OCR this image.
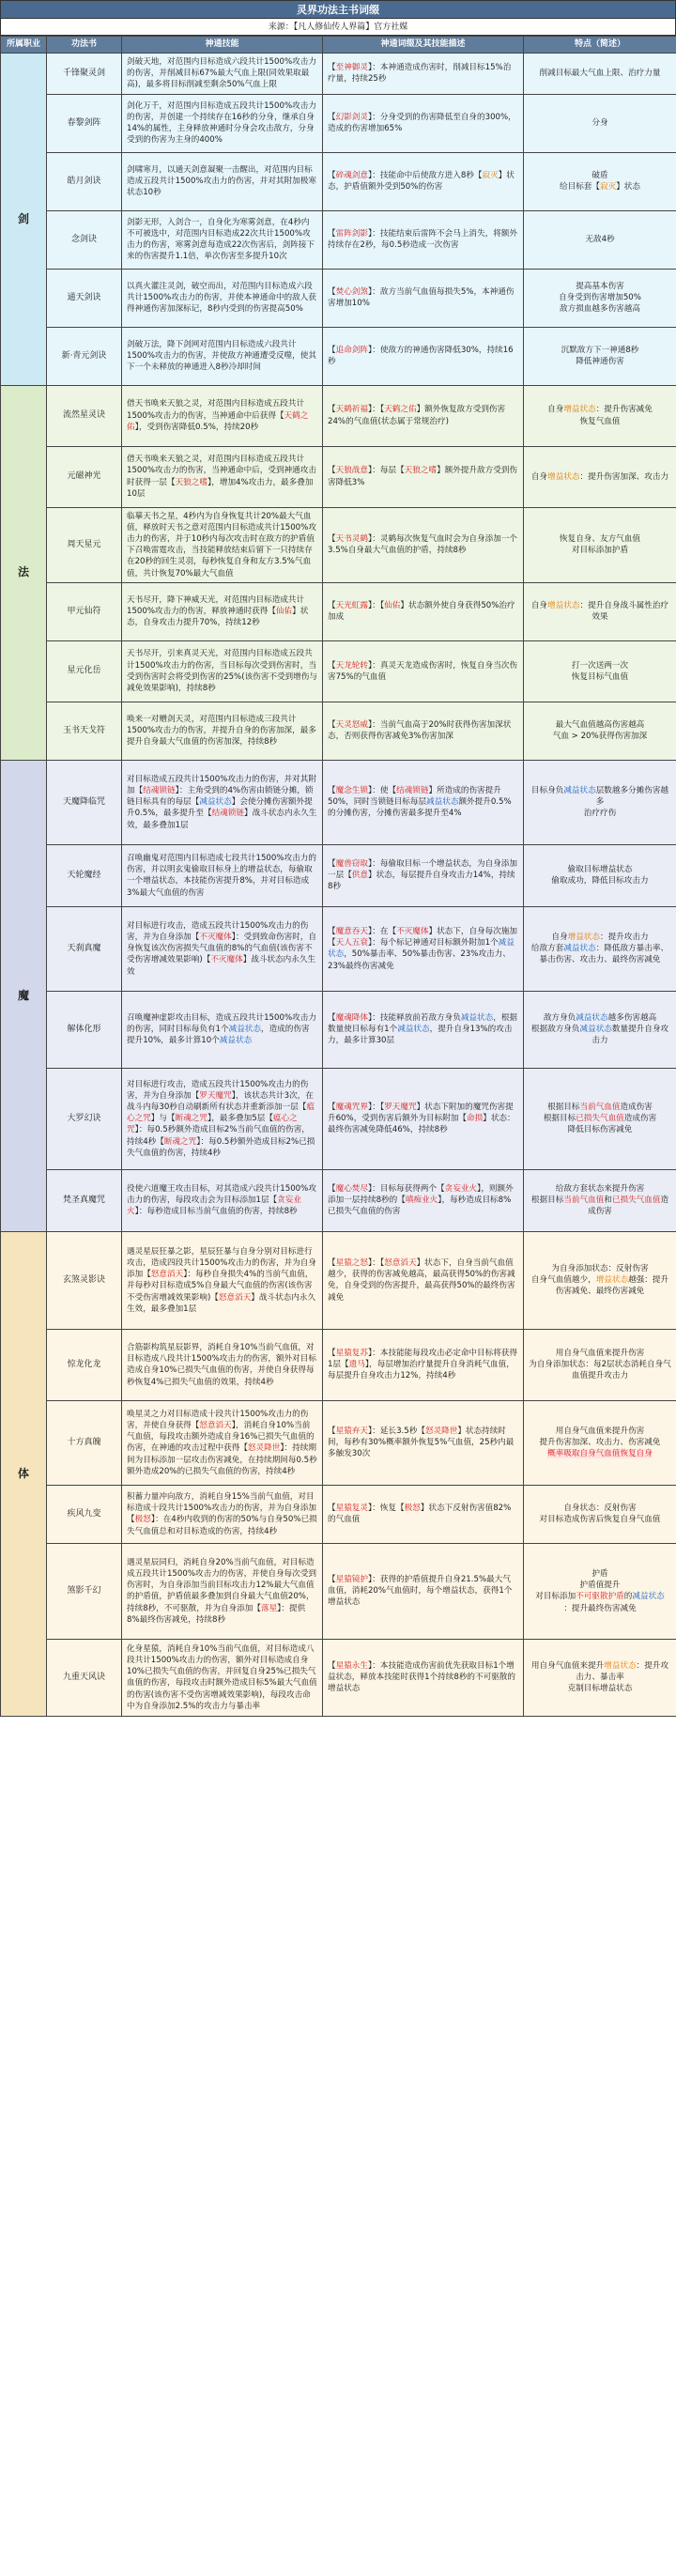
灵界功法主书词缀
来源：【凡人修仙传人界篇】官方社媒
所属职业	功法书	神通技能	神通词缀及其技能描述	特点（简述）
剑	千锋聚灵剑	剑破天地，对范围内目标造成六段共计1500%攻击力的伤害，并削减目标67%最大气血上限(同效果取最高)，最多将目标削减至剩余50%气血上限	【至神御灵】：本神通造成伤害时，削减目标15%治疗量，持续25秒	削减目标最大气血上限、治疗力量
	春黎剑阵	剑化万千，对范围内目标造成五段共计1500%攻击力的伤害，并创建一个持续存在16秒的分身，继承自身14%的属性，主身释放神通时分身会攻击敌方，分身受到的伤害为主身的400%	【幻影剑灵】：分身受到的伤害降低至自身的300%，造成的伤害增加65%	分身
	皓月剑诀	剑啸寒月，以通天剑意凝聚一击醒出，对范围内目标造成五段共计1500%攻击力的伤害，并对其附加极寒状态10秒	【碎魂剑意】：技能命中后使敌方进入8秒【寂灭】状态，护盾值额外受到50%的伤害	破盾
给目标套【寂灭】状态
	念剑诀	剑影无形，入剑合一，自身化为寒雾剑意，在4秒内不可被选中，对范围内目标造成22次共计1500%攻击力的伤害，寒雾剑意每造成22次伤害后，剑阵接下来的伤害提升1.1倍，单次伤害至多提升10次	【雷阵剑影】：技能结束后雷阵不会马上消失，将额外持续存在2秒，每0.5秒造成一次伤害	无敌4秒
	通天剑诀	以真火灌注灵剑，破空而出，对范围内目标造成六段共计1500%攻击力的伤害，并使本神通命中的敌人获得神通伤害加深标记，8秒内受到的伤害提高50%	【焚心剑煞】：敌方当前气血值每损失5%，本神通伤害增加10%	提高基本伤害
自身受到伤害增加50%
敌方损血越多伤害越高
	新·青元剑诀	剑破万法，降下剑网对范围内目标造成六段共计1500%攻击力的伤害，并使敌方神通遭受反噬，使其下一个未释放的神通进入8秒冷却时间	【追命剑阵】：使敌方的神通伤害降低30%，持续16秒	沉默敌方下一神通8秒
降低神通伤害
法	流然星灵诀	借天书唤来天狼之灵，对范围内目标造成五段共计1500%攻击力的伤害，当神通命中后获得【天鹤之佑】，受到伤害降低0.5%，持续20秒	【天鹤祈福】：【天鹤之佑】额外恢复敌方受到伤害24%的气血值(状态属于常规治疗)	自身增益状态：提升伤害减免
恢复气血值
	元磁神光	借天书唤来天狼之灵，对范围内目标造成五段共计1500%攻击力的伤害，当神通命中后，受到神通攻击时获得一层【天狼之嗜】，增加4%攻击力，最多叠加10层	【天狼战意】：每层【天狼之嗜】额外提升敌方受到伤害降低3%	自身增益状态：提升伤害加深、攻击力
	周天星元	临摹天书之星，4秒内为自身恢复共计20%最大气血值，释放时天书之意对范围内目标造成共计1500%攻击力的伤害，并于10秒内每次攻击时在敌方的护盾值下召唤雷霆攻击，当技能释放结束后留下一只持续存在20秒的回生灵羽，每秒恢复自身和友方3.5%气血值，共计恢复70%最大气血值	【天书灵鹤】：灵鹤每次恢复气血时会为自身添加一个3.5%自身最大气血值的护盾，持续8秒	恢复自身、友方气血值
对目标添加护盾
	甲元仙符	天书尽开，降下神威天光，对范围内目标造成共计1500%攻击力的伤害，释放神通时获得【仙佑】状态，自身攻击力提升70%，持续12秒	【天光虹露】：【仙佑】状态额外使自身获得50%治疗加成	自身增益状态：提升自身战斗属性治疗效果
	星元化岳	天书尽开，引来真灵天光，对范围内目标造成五段共计1500%攻击力的伤害，当目标每次受到伤害时，当受到伤害时会将受到伤害的25%(该伤害不受到增伤与减免效果影响)，持续8秒	【天龙轮转】：真灵天龙造成伤害时，恢复自身当次伤害75%的气血值	打一次送两一次
恢复目标气血值
	玉书天戈符	唤来一对赠剑天灵，对范围内目标造成三段共计1500%攻击力的伤害，并提升自身的伤害加深，最多提升自身最大气血值的伤害加深，持续8秒	【天灵怒威】：当前气血高于20%时获得伤害加深状态，否则获得伤害减免3%伤害加深	最大气血值越高伤害越高
气血 > 20%获得伤害加深
魔	天魔降临咒	对目标造成五段共计1500%攻击力的伤害，并对其附加【结魂锁链】：主角受到的4%伤害由锁链分摊，锁链目标具有的每层【减益状态】会使分摊伤害额外提升0.5%，最多提升至【结魂锁链】战斗状态内永久生效，最多叠加1层	【魔念生锁】：使【结魂锁链】所造成的伤害提升50%，同时当锁链目标每层减益状态额外提升0.5%的分摊伤害，分摊伤害最多提升至4%	目标身负减益状态层数越多分摊伤害越多
治疗疗伤
	天轮魔经	召唤幽鬼对范围内目标造成七段共计1500%攻击力的伤害，并以明玄鬼偷取目标身上的增益状态，每偷取一个增益状态，本技能伤害提升8%，并对目标造成3%最大气血值的伤害	【魔兽窃取】：每偷取目标一个增益状态，为自身添加一层【供意】状态，每层提升自身攻击力14%，持续8秒	偷取目标增益状态
偷取成功，降低目标攻击力
	天刹真魔	对目标进行攻击，造成五段共计1500%攻击力的伤害，并为自身添加【不灭魔体】：受到致命伤害时，自身恢复该次伤害损失气血值的8%的气血值(该伤害不受伤害增减效果影响)【不灭魔体】战斗状态内永久生效	【魔意吞天】：在【不灭魔体】状态下，自身每次施加【天人五衰】：每个标记神通对目标额外附加1个减益状态，50%暴击率、50%暴击伤害、23%攻击力、23%最终伤害减免	自身增益状态：提升攻击力
给敌方套减益状态：降低敌方暴击率、暴击伤害、攻击力、最终伤害减免
	解体化形	召唤魔神虚影攻击目标，造成五段共计1500%攻击力的伤害，同时目标每负有1个减益状态，造成的伤害提升10%，最多计算10个减益状态	【魔魂降体】：技能释放前若敌方身负减益状态，根据数量使目标每有1个减益状态，提升自身13%的攻击力，最多计算30层	敌方身负减益状态越多伤害越高
根据敌方身负减益状态数量提升自身攻击力
	大罗幻诀	对目标进行攻击，造成五段共计1500%攻击力的伤害，并为自身添加【罗天魔咒】，该状态共计3次，在战斗内每30秒自动刷新所有状态并重新添加一层【瘟心之咒】与【断魂之咒】，最多叠加5层【瘟心之咒】：每0.5秒额外造成目标2%当前气血值的伤害，持续4秒【断魂之咒】：每0.5秒额外造成目标2%已损失气血值的伤害，持续4秒	【魔魂咒界】：【罗天魔咒】状态下附加的魔咒伤害提升60%，受到伤害后额外为目标附加【命损】状态：最终伤害减免降低46%，持续8秒	根据目标当前气血值造成伤害
根据目标已损失气血值造成伤害
降低目标伤害减免
	梵圣真魔咒	役使六道魔王攻击目标，对其造成六段共计1500%攻击力的伤害，每段攻击会为目标添加1层【贪妄业火】：每秒造成目标当前气血值的伤害，持续8秒	【魔心焚尽】：目标每获得两个【贪妄业火】，则额外添加一层持续8秒的【嗔痴业火】，每秒造成目标8%已损失气血值的伤害	给敌方套状态来提升伤害
根据目标当前气血值和已损失气血值造成伤害
体	玄煞灵影诀	遇灵星辰狂暴之影，星辰狂暴与自身分别对目标进行攻击，造成四段共计1500%攻击力的伤害，并为自身添加【怒意滔天】：每秒自身损失4%的当前气血值，并每秒对目标造成5%自身最大气血值的伤害(该伤害不受伤害增减效果影响)【怒意滔天】战斗状态内永久生效，最多叠加1层	【星猿之怒】：【怒意滔天】状态下，自身当前气血值越少，获得的伤害减免越高，最高获得50%的伤害减免，自身受到的伤害提升，最高获得50%的最终伤害减免	为自身添加状态：反射伤害
自身气血值越少，增益状态越强：提升伤害减免、最终伤害减免
	惊龙化龙	合筋影构筑星辰影界，消耗自身10%当前气血值，对目标造成八段共计1500%攻击力的伤害，额外对目标造成自身10%已损失气血值的伤害，并使自身获得每秒恢复4%已损失气血值的效果，持续4秒	【星猿复苏】：本技能能每段攻击必定命中目标将获得1层【遗马】，每层增加治疗量提升自身消耗气血值，每层提升自身攻击力12%，持续4秒	用自身气血值来提升伤害
为自身添加状态：每2层状态消耗自身气血值提升攻击力
	十方真魄	唤星灵之力对目标造成十段共计1500%攻击力的伤害，并使自身获得【怒意滔天】，消耗自身10%当前气血值，每段攻击额外造成自身16%已损失气血值的伤害，在神通的攻击过程中获得【怒灵降世】：持续期间为目标添加一层攻击伤害减免，在持续期间每0.5秒额外造成20%的已损失气血值的伤害，持续4秒	【星猿弃天】：延长3.5秒【怒灵降世】状态持续时间，每秒有30%概率额外恢复5%气血值，25秒内最多触发30次	用自身气血值来提升伤害
提升伤害加深、攻击力、伤害减免
概率吸取自身气血值恢复自身
	疾风九变	积蓄力量冲向敌方，消耗自身15%当前气血值，对目标造成十段共计1500%攻击力的伤害，并为自身添加【极怒】：在4秒内收到的伤害的50%与自身50%已损失气血值总和对目标造成的伤害，持续4秒	【星猿复灵】：恢复【极怒】状态下反射伤害值82%的气血值	自身状态：反射伤害
对目标造成伤害后恢复自身气血值
	煞影千幻	遇灵星辰同归，消耗自身20%当前气血值，对目标造成五段共计1500%攻击力的伤害，并使自身每次受到伤害时，为自身添加当前目标攻击力12%最大气血值的护盾值，护盾值最多叠加到自身最大气血值20%，持续8秒，不可驱散，并为自身添加【落星】：提供8%最终伤害减免，持续8秒	【星猿镜护】：获得的护盾值提升自身21.5%最大气血值，消耗20%气血值时，每个增益状态，获得1个增益状态	护盾
护盾值提升
对目标添加不可驱散护盾的减益状态
：提升最终伤害减免
	九重天风诀	化身星猿，消耗自身10%当前气血值，对目标造成八段共计1500%攻击力的伤害，额外对目标造成自身10%已损失气血值的伤害，并回复自身25%已损失气血值的伤害，每段攻击时额外造成目标5%最大气血值的伤害(该伤害不受伤害增减效果影响)，每段攻击命中为自身添加2.5%的攻击力与暴击率	【星猿永生】：本技能造成伤害前优先获取目标1个增益状态，释放本技能时获得1个持续8秒的不可驱散的增益状态	用自身气血值来提升增益状态：提升攻击力、暴击率
克制目标增益状态
